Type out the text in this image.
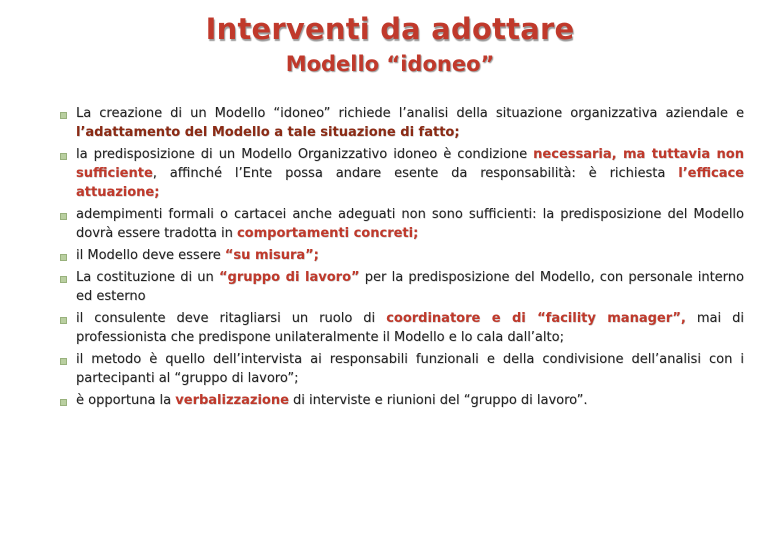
Interventi da adottare
Modello “idoneo”
La creazione di un Modello “idoneo” richiede l’analisi della situazione organizzativa aziendale e l’adattamento del Modello a tale situazione di fatto;
la predisposizione di un Modello Organizzativo idoneo è condizione necessaria, ma tuttavia non sufficiente, affinché l’Ente possa andare esente da responsabilità: è richiesta l’efficace attuazione;
adempimenti formali o cartacei anche adeguati non sono sufficienti: la predisposizione del Modello dovrà essere tradotta in comportamenti concreti;
il Modello deve essere “su misura”;
La costituzione di un “gruppo di lavoro” per la predisposizione del Modello, con personale interno ed esterno
il consulente deve ritagliarsi un ruolo di coordinatore e di “facility manager”, mai di professionista che predispone unilateralmente il Modello e lo cala dall’alto;
il metodo è quello dell’intervista ai responsabili funzionali e della condivisione dell’analisi con i partecipanti al “gruppo di lavoro”;
è opportuna la verbalizzazione di interviste e riunioni del “gruppo di lavoro”.
